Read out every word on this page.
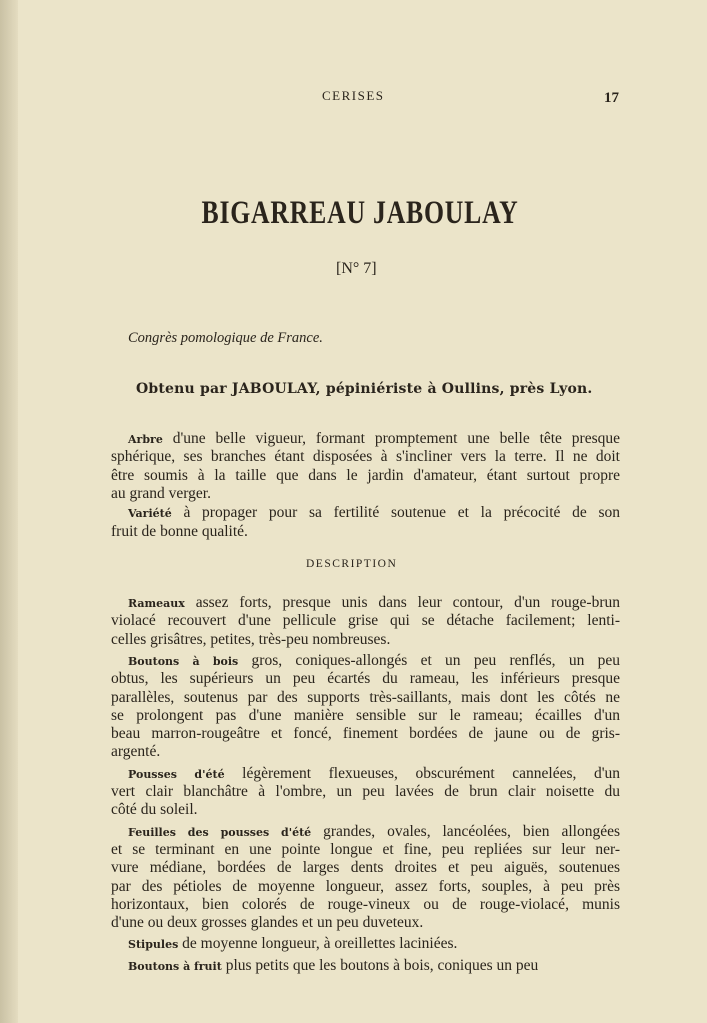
CERISES	17
BIGARREAU JABOULAY
[N° 7]
Congrès pomologique de France.
Obtenu par JABOULAY, pépiniériste à Oullins, près Lyon.
DESCRIPTION
Arbre d'une belle vigueur, formant promptement une belle tête presque
sphérique, ses branches étant disposées à s'incliner vers la terre. Il ne doit
être soumis à la taille que dans le jardin d'amateur, étant surtout propre
au grand verger.
Variété à propager pour sa fertilité soutenue et la précocité de son
fruit de bonne qualité.
Rameaux assez forts, presque unis dans leur contour, d'un rouge-brun
violacé recouvert d'une pellicule grise qui se détache facilement; lenti-
celles grisâtres, petites, très-peu nombreuses.
Boutons à bois gros, coniques-allongés et un peu renflés, un peu
obtus, les supérieurs un peu écartés du rameau, les inférieurs presque
parallèles, soutenus par des supports très-saillants, mais dont les côtés ne
se prolongent pas d'une manière sensible sur le rameau; écailles d'un
beau marron-rougeâtre et foncé, finement bordées de jaune ou de gris-
argenté.
Pousses d'été légèrement flexueuses, obscurément cannelées, d'un
vert clair blanchâtre à l'ombre, un peu lavées de brun clair noisette du
côté du soleil.
Feuilles des pousses d'été grandes, ovales, lancéolées, bien allongées
et se terminant en une pointe longue et fine, peu repliées sur leur ner-
vure médiane, bordées de larges dents droites et peu aiguës, soutenues
par des pétioles de moyenne longueur, assez forts, souples, à peu près
horizontaux, bien colorés de rouge-vineux ou de rouge-violacé, munis
d'une ou deux grosses glandes et un peu duveteux.
Stipules de moyenne longueur, à oreillettes laciniées.
Boutons à fruit plus petits que les boutons à bois, coniques un peu
